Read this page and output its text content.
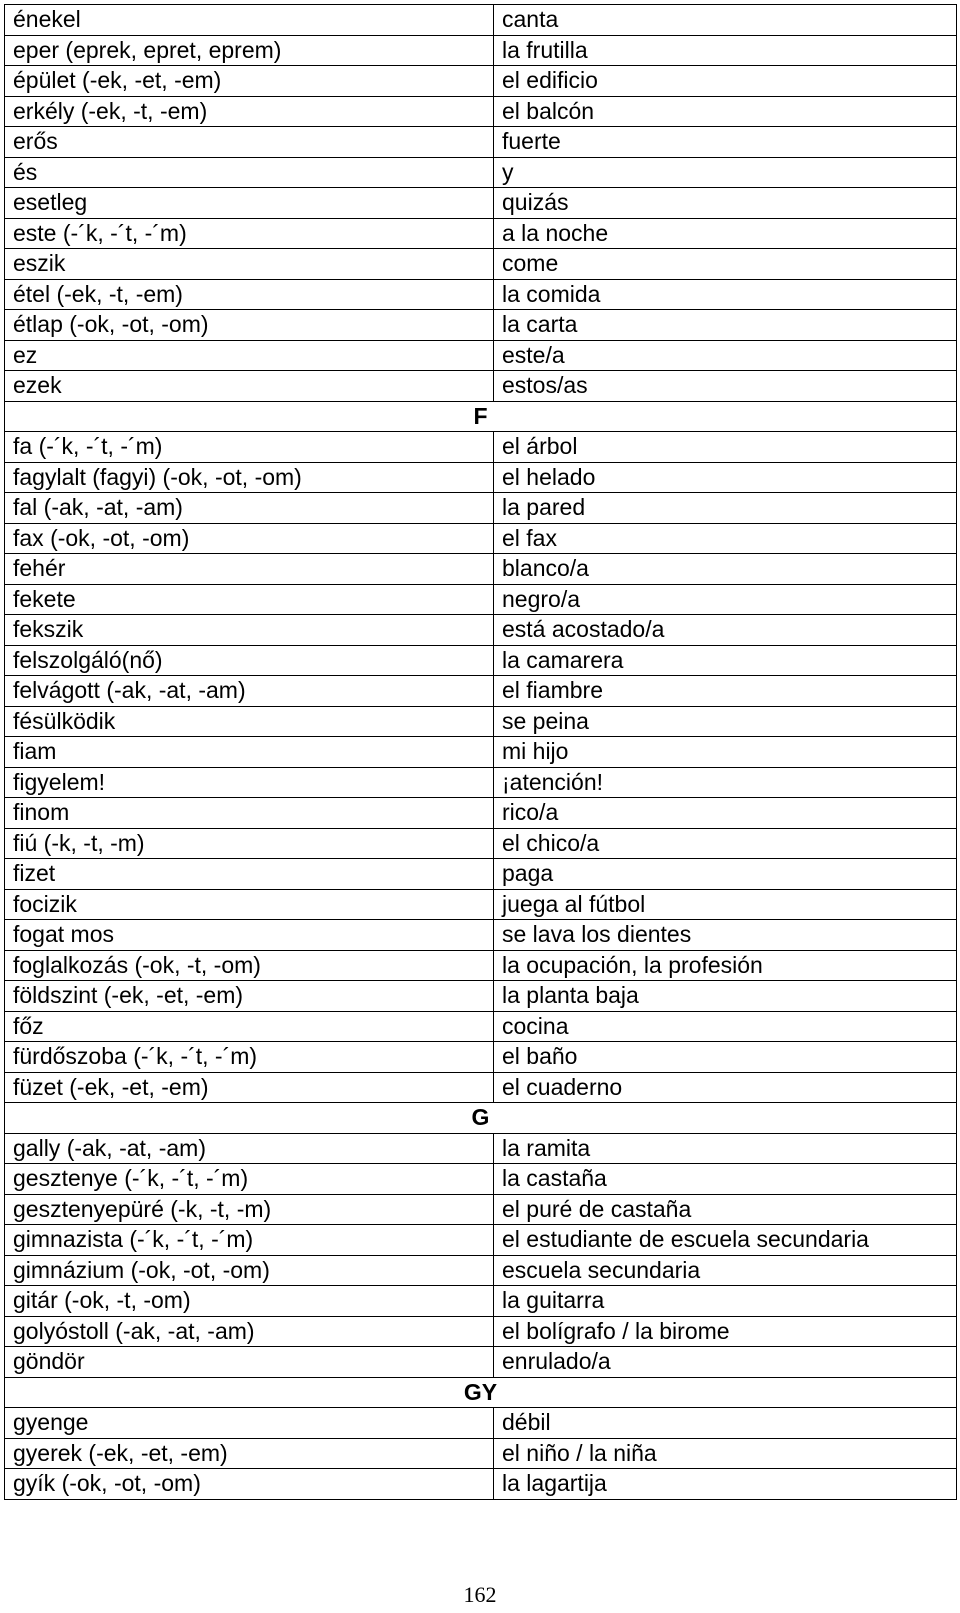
énekel	canta
eper (eprek, epret, eprem)	la frutilla
épület (-ek, -et, -em)	el edificio
erkély (-ek, -t, -em)	el balcón
erős	fuerte
és	y
esetleg	quizás
este (-´k, -´t, -´m)	a la noche
eszik	come
étel (-ek, -t, -em)	la comida
étlap (-ok, -ot, -om)	la carta
ez	este/a
ezek	estos/as
F	
fa (-´k, -´t, -´m)	el árbol
fagylalt (fagyi) (-ok, -ot, -om)	el helado
fal (-ak, -at, -am)	la pared
fax (-ok, -ot, -om)	el fax
fehér	blanco/a
fekete	negro/a
fekszik	está acostado/a
felszolgáló(nő)	la camarera
felvágott (-ak, -at, -am)	el fiambre
fésülködik	se peina
fiam	mi hijo
figyelem!	¡atención!
finom	rico/a
fiú (-k, -t, -m)	el chico/a
fizet	paga
focizik	juega al fútbol
fogat mos	se lava los dientes
foglalkozás (-ok, -t, -om)	la ocupación, la profesión
földszint (-ek, -et, -em)	la planta baja
főz	cocina
fürdőszoba (-´k, -´t, -´m)	el baño
füzet (-ek, -et, -em)	el cuaderno
G	
gally (-ak, -at, -am)	la ramita
gesztenye (-´k, -´t, -´m)	la castaña
gesztenyepüré (-k, -t, -m)	el puré de castaña
gimnazista (-´k, -´t, -´m)	el estudiante de escuela secundaria
gimnázium (-ok, -ot, -om)	escuela secundaria
gitár (-ok, -t, -om)	la guitarra
golyóstoll (-ak, -at, -am)	el bolígrafo / la birome
göndör	enrulado/a
GY	
gyenge	débil
gyerek (-ek, -et, -em)	el niño / la niña
gyík (-ok, -ot, -om)	la lagartija
162
